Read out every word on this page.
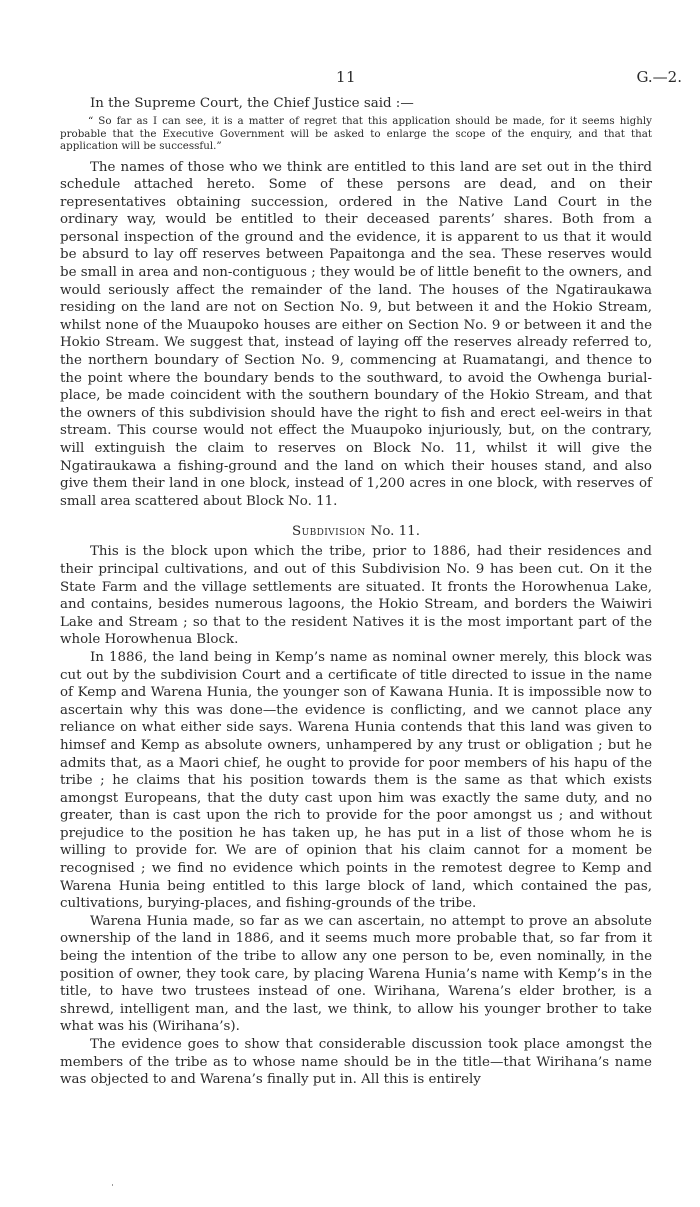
11	G.—2.

In the Supreme Court, the Chief Justice said :—

“ So far as I can see, it is a matter of regret that this application should be made, for it seems highly probable that the Executive Government will be asked to enlarge the scope of the enquiry, and that that application will be successful.”

The names of those who we think are entitled to this land are set out in the third schedule attached hereto. Some of these persons are dead, and on their representatives obtaining succession, ordered in the Native Land Court in the ordinary way, would be entitled to their deceased parents’ shares. Both from a personal inspection of the ground and the evidence, it is apparent to us that it would be absurd to lay off reserves between Papaitonga and the sea. These reserves would be small in area and non-contiguous ; they would be of little benefit to the owners, and would seriously affect the remainder of the land. The houses of the Ngatiraukawa residing on the land are not on Section No. 9, but between it and the Hokio Stream, whilst none of the Muaupoko houses are either on Section No. 9 or between it and the Hokio Stream. We suggest that, instead of laying off the reserves already referred to, the northern boundary of Section No. 9, commencing at Ruamatangi, and thence to the point where the boundary bends to the southward, to avoid the Owhenga burial-place, be made coincident with the southern boundary of the Hokio Stream, and that the owners of this subdivision should have the right to fish and erect eel-weirs in that stream. This course would not effect the Muaupoko injuriously, but, on the contrary, will extinguish the claim to reserves on Block No. 11, whilst it will give the Ngatiraukawa a fishing-ground and the land on which their houses stand, and also give them their land in one block, instead of 1,200 acres in one block, with reserves of small area scattered about Block No. 11.

Subdivision No. 11.

This is the block upon which the tribe, prior to 1886, had their residences and their principal cultivations, and out of this Subdivision No. 9 has been cut. On it the State Farm and the village settlements are situated. It fronts the Horowhenua Lake, and contains, besides numerous lagoons, the Hokio Stream, and borders the Waiwiri Lake and Stream ; so that to the resident Natives it is the most important part of the whole Horowhenua Block.

In 1886, the land being in Kemp’s name as nominal owner merely, this block was cut out by the subdivision Court and a certificate of title directed to issue in the name of Kemp and Warena Hunia, the younger son of Kawana Hunia. It is impossible now to ascertain why this was done—the evidence is conflicting, and we cannot place any reliance on what either side says. Warena Hunia contends that this land was given to himsef and Kemp as absolute owners, unhampered by any trust or obligation ; but he admits that, as a Maori chief, he ought to provide for poor members of his hapu of the tribe ; he claims that his position towards them is the same as that which exists amongst Europeans, that the duty cast upon him was exactly the same duty, and no greater, than is cast upon the rich to provide for the poor amongst us ; and without prejudice to the position he has taken up, he has put in a list of those whom he is willing to provide for. We are of opinion that his claim cannot for a moment be recognised ; we find no evidence which points in the remotest degree to Kemp and Warena Hunia being entitled to this large block of land, which contained the pas, cultivations, burying-places, and fishing-grounds of the tribe.

Warena Hunia made, so far as we can ascertain, no attempt to prove an absolute ownership of the land in 1886, and it seems much more probable that, so far from it being the intention of the tribe to allow any one person to be, even nominally, in the position of owner, they took care, by placing Warena Hunia’s name with Kemp’s in the title, to have two trustees instead of one. Wirihana, Warena’s elder brother, is a shrewd, intelligent man, and the last, we think, to allow his younger brother to take what was his (Wirihana’s).

The evidence goes to show that considerable discussion took place amongst the members of the tribe as to whose name should be in the title—that Wirihana’s name was objected to and Warena’s finally put in. All this is entirely
